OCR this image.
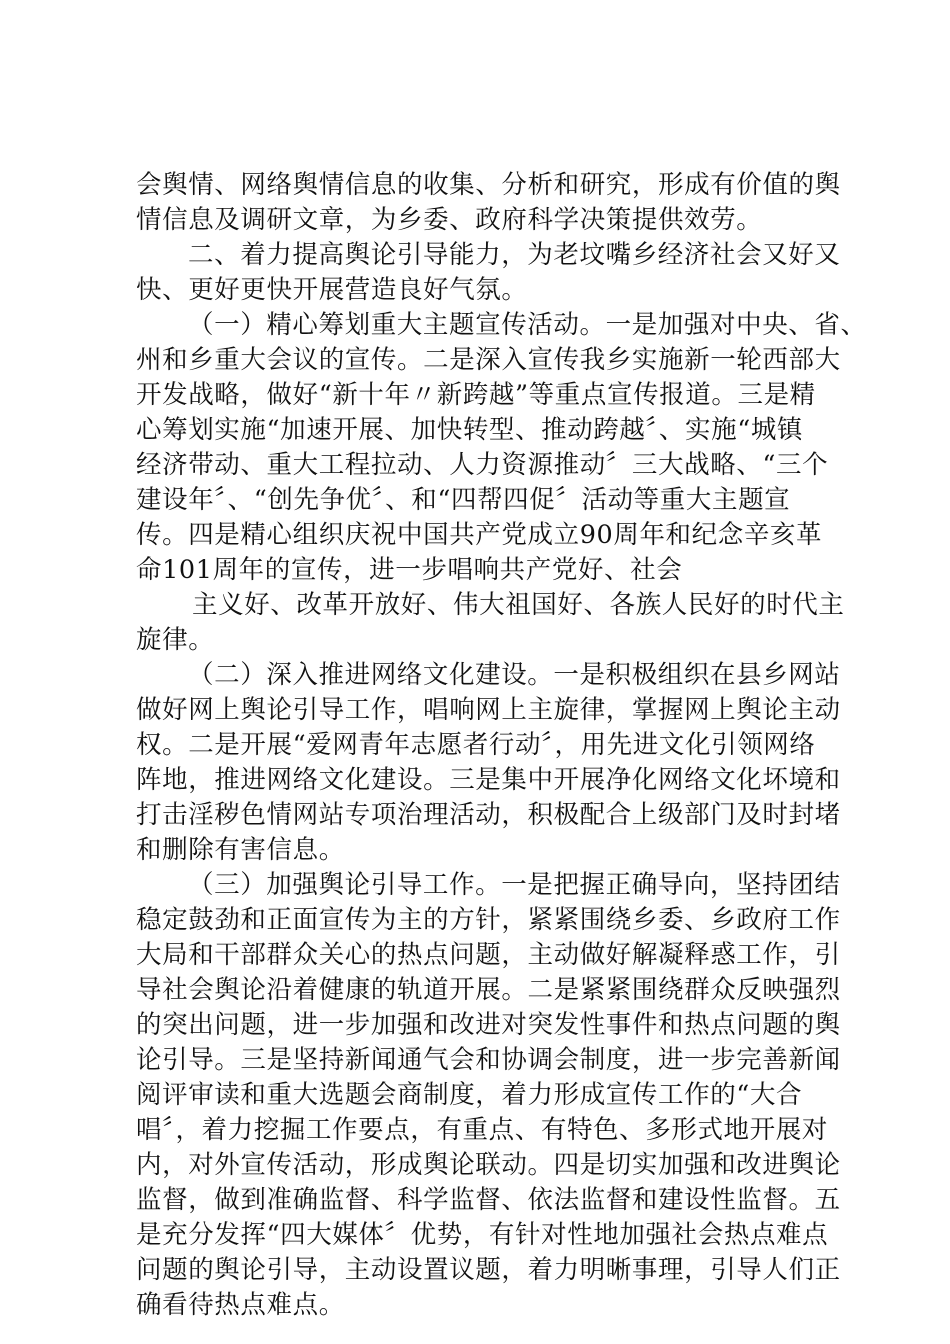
会舆情、网络舆情信息的收集、分析和研究，形成有价值的舆
情信息及调研文章，为乡委、政府科学决策提供效劳。
二、着力提高舆论引导能力，为老坟嘴乡经济社会又好又
快、更好更快开展营造良好气氛。
（一）精心筹划重大主题宣传活动。一是加强对中央、省、
州和乡重大会议的宣传。二是深入宣传我乡实施新一轮西部大
开发战略，做好“新十年〃新跨越”等重点宣传报道。三是精
心筹划实施“加速开展、加快转型、推动跨越〞、实施“城镇
经济带动、重大工程拉动、人力资源推动〞三大战略、“三个
建设年〞、“创先争优〞、和“四帮四促〞活动等重大主题宣
传。四是精心组织庆祝中国共产党成立90周年和纪念辛亥革
命101周年的宣传，进一步唱响共产党好、社会
主义好、改革开放好、伟大祖国好、各族人民好的时代主
旋律。
（二）深入推进网络文化建设。一是积极组织在县乡网站
做好网上舆论引导工作，唱响网上主旋律，掌握网上舆论主动
权。二是开展“爱网青年志愿者行动〞，用先进文化引领网络
阵地，推进网络文化建设。三是集中开展净化网络文化坏境和
打击淫秽色情网站专项治理活动，积极配合上级部门及时封堵
和删除有害信息。
（三）加强舆论引导工作。一是把握正确导向，坚持团结
稳定鼓劲和正面宣传为主的方针，紧紧围绕乡委、乡政府工作
大局和干部群众关心的热点问题，主动做好解凝释惑工作，引
导社会舆论沿着健康的轨道开展。二是紧紧围绕群众反映强烈
的突出问题，进一步加强和改进对突发性事件和热点问题的舆
论引导。三是坚持新闻通气会和协调会制度，进一步完善新闻
阅评审读和重大选题会商制度，着力形成宣传工作的“大合
唱〞，着力挖掘工作要点，有重点、有特色、多形式地开展对
内，对外宣传活动，形成舆论联动。四是切实加强和改进舆论
监督，做到准确监督、科学监督、依法监督和建设性监督。五
是充分发挥“四大媒体〞优势，有针对性地加强社会热点难点
问题的舆论引导，主动设置议题，着力明晰事理，引导人们正
确看待热点难点。
